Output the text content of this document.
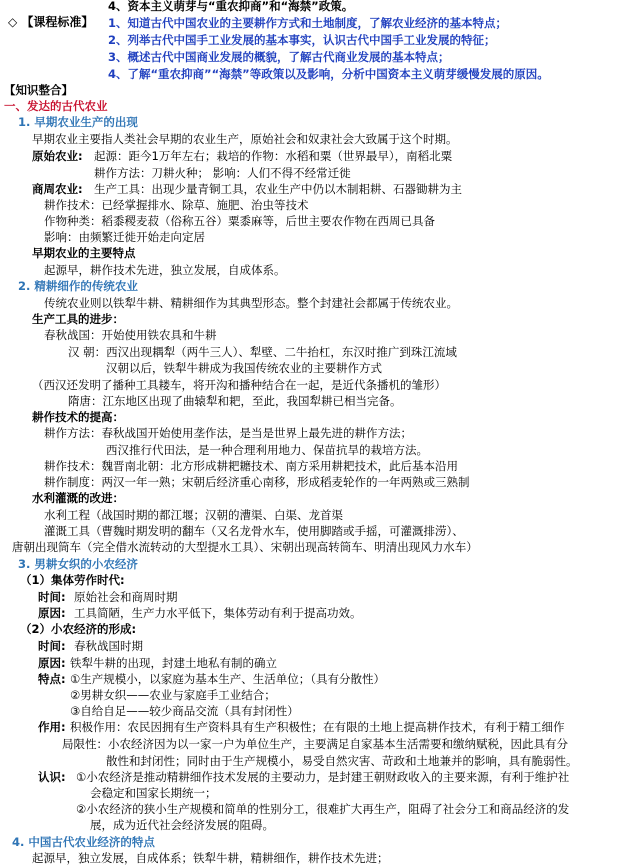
4、资本主义萌芽与“重农抑商”和“海禁”政策。
◇ 【课程标准】 1、知道古代中国农业的主要耕作方式和土地制度，了解农业经济的基本特点；
2、列举古代中国手工业发展的基本事实，认识古代中国手工业发展的特征；
3、概述古代中国商业发展的概貌，了解古代商业发展的基本特点；
4、了解“重农抑商”“海禁”等政策以及影响，分析中国资本主义萌芽缓慢发展的原因。
【知识整合】
一、发达的古代农业
1. 早期农业生产的出现
早期农业主要指人类社会早期的农业生产，原始社会和奴隶社会大致属于这个时期。
原始农业: 起源：距今1万年左右；栽培的作物：水稻和粟（世界最早），南稻北粟
耕作方法：刀耕火种； 影响：人们不得不经常迁徙
商周农业: 生产工具：出现少量青铜工具，农业生产中仍以木制耜耕、石器锄耕为主
耕作技术：已经掌握排水、除草、施肥、治虫等技术
作物种类：稻黍稷麦菽（俗称五谷）粟黍麻等，后世主要农作物在西周已具备
影响：由频繁迁徙开始走向定居
早期农业的主要特点
起源早，耕作技术先进，独立发展，自成体系。
2. 精耕细作的传统农业
传统农业则以铁犁牛耕、精耕细作为其典型形态。整个封建社会都属于传统农业。
生产工具的进步：
春秋战国：开始使用铁农具和牛耕
汉 朝：西汉出现耦犁（两牛三人）、犁壁、二牛抬杠，东汉时推广到珠江流域
汉朝以后，铁犁牛耕成为我国传统农业的主要耕作方式
（西汉还发明了播种工具耧车，将开沟和播种结合在一起，是近代条播机的雏形）
隋唐：江东地区出现了曲辕犁和耙，至此，我国犁耕已相当完备。
耕作技术的提高：
耕作方法：春秋战国开始使用垄作法，是当是世界上最先进的耕作方法；
西汉推行代田法，是一种合理利用地力、保苗抗旱的栽培方法。
耕作技术：魏晋南北朝：北方形成耕耙耱技术、南方采用耕耙技术，此后基本沿用
耕作制度：两汉一年一熟；宋朝后经济重心南移，形成稻麦轮作的一年两熟或三熟制
水利灌溉的改进：
水利工程（战国时期的都江堰；汉朝的漕渠、白渠、龙首渠
灌溉工具（曹魏时期发明的翻车（又名龙骨水车，使用脚踏或手摇，可灌溉排涝）、
唐朝出现筒车（完全借水流转动的大型提水工具）、宋朝出现高转筒车、明清出现风力水车）
3. 男耕女织的小农经济
（1）集体劳作时代:
时间: 原始社会和商周时期
原因: 工具简陋，生产力水平低下，集体劳动有利于提高功效。
（2）小农经济的形成:
时间: 春秋战国时期
原因: 铁犁牛耕的出现，封建土地私有制的确立
特点: ①生产规模小，以家庭为基本生产、生活单位；（具有分散性）
②男耕女织——农业与家庭手工业结合；
③自给自足——较少商品交流（具有封闭性）
作用: 积极作用：农民因拥有生产资料具有生产积极性；在有限的土地上提高耕作技术，有利于精工细作
局限性：小农经济因为以一家一户为单位生产，主要满足自家基本生活需要和缴纳赋税，因此具有分
散性和封闭性；同时由于生产规模小，易受自然灾害、苛政和土地兼并的影响，具有脆弱性。
认识: ①小农经济是推动精耕细作技术发展的主要动力，是封建王朝财政收入的主要来源，有利于维护社
会稳定和国家长期统一；
②小农经济的狭小生产规模和简单的性别分工，很难扩大再生产，阻碍了社会分工和商品经济的发
展，成为近代社会经济发展的阻碍。
4. 中国古代农业经济的特点
起源早，独立发展，自成体系；铁犁牛耕，精耕细作，耕作技术先进；
